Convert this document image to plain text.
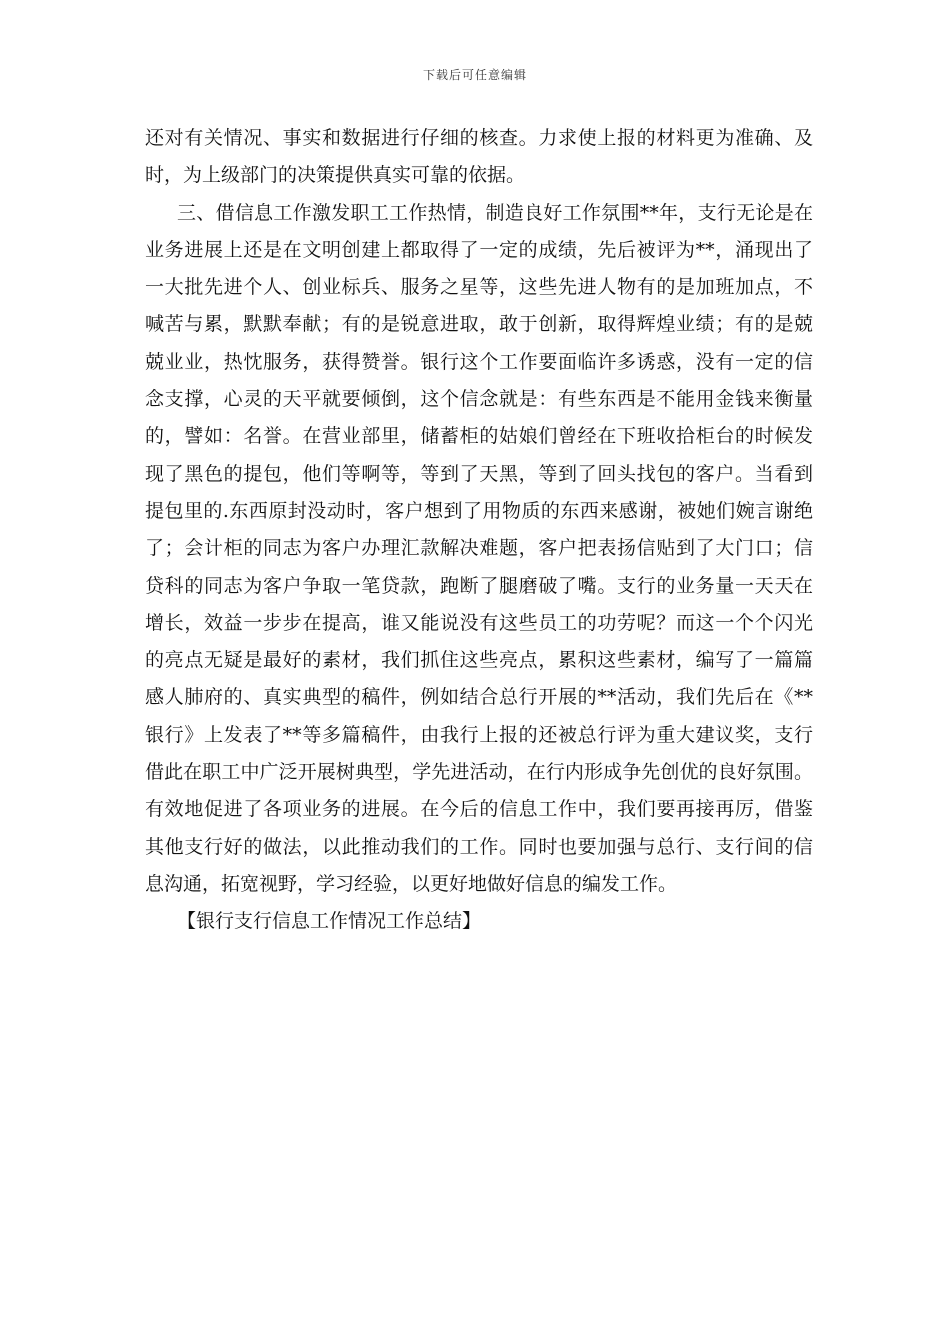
下载后可任意编辑
还对有关情况、事实和数据进行仔细的核查。力求使上报的材料更为准确、及
时，为上级部门的决策提供真实可靠的依据。
三、借信息工作激发职工工作热情，制造良好工作氛围**年，支行无论是在
业务进展上还是在文明创建上都取得了一定的成绩，先后被评为**，涌现出了
一大批先进个人、创业标兵、服务之星等，这些先进人物有的是加班加点，不
喊苦与累，默默奉献；有的是锐意进取，敢于创新，取得辉煌业绩；有的是兢
兢业业，热忱服务，获得赞誉。银行这个工作要面临许多诱惑，没有一定的信
念支撑，心灵的天平就要倾倒，这个信念就是：有些东西是不能用金钱来衡量
的，譬如：名誉。在营业部里，储蓄柜的姑娘们曾经在下班收拾柜台的时候发
现了黑色的提包，他们等啊等，等到了天黑，等到了回头找包的客户。当看到
提包里的.东西原封没动时，客户想到了用物质的东西来感谢，被她们婉言谢绝
了；会计柜的同志为客户办理汇款解决难题，客户把表扬信贴到了大门口；信
贷科的同志为客户争取一笔贷款，跑断了腿磨破了嘴。支行的业务量一天天在
增长，效益一步步在提高，谁又能说没有这些员工的功劳呢？而这一个个闪光
的亮点无疑是最好的素材，我们抓住这些亮点，累积这些素材，编写了一篇篇
感人肺府的、真实典型的稿件，例如结合总行开展的**活动，我们先后在《**
银行》上发表了**等多篇稿件，由我行上报的还被总行评为重大建议奖，支行
借此在职工中广泛开展树典型，学先进活动，在行内形成争先创优的良好氛围。
有效地促进了各项业务的进展。在今后的信息工作中，我们要再接再厉，借鉴
其他支行好的做法，以此推动我们的工作。同时也要加强与总行、支行间的信
息沟通，拓宽视野，学习经验，以更好地做好信息的编发工作。
【银行支行信息工作情况工作总结】
